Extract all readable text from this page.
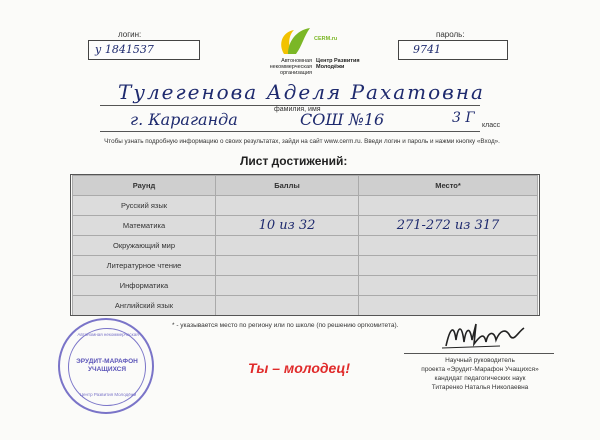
логин:
у 1841537
CERM.ru
Автономная некоммерческая организация
Центр Развития Молодёжи
пароль:
9741
Тулегенова Аделя Рахатовна
фамилия, имя
г. Караганда	СОШ №16	3 Г класс
Чтобы узнать подробную информацию о своих результатах, зайди на сайт www.cerm.ru. Введи логин и пароль и нажми кнопку «Вход».
Лист достижений:
Раунд	Баллы	Место*
Русский язык		
Математика	10 из 32	271-272 из 317
Окружающий мир		
Литературное чтение		
Информатика		
Английский язык		
* - указывается место по региону или по школе (по решению оргкомитета).
Автономная некоммерческая
ЭРУДИТ-МАРАФОН УЧАЩИХСЯ
Центр Развития Молодёжи
Ты – молодец!	Научный руководитель
проекта «Эрудит-Марафон Учащихся»
кандидат педагогических наук
Титаренко Наталья Николаевна
